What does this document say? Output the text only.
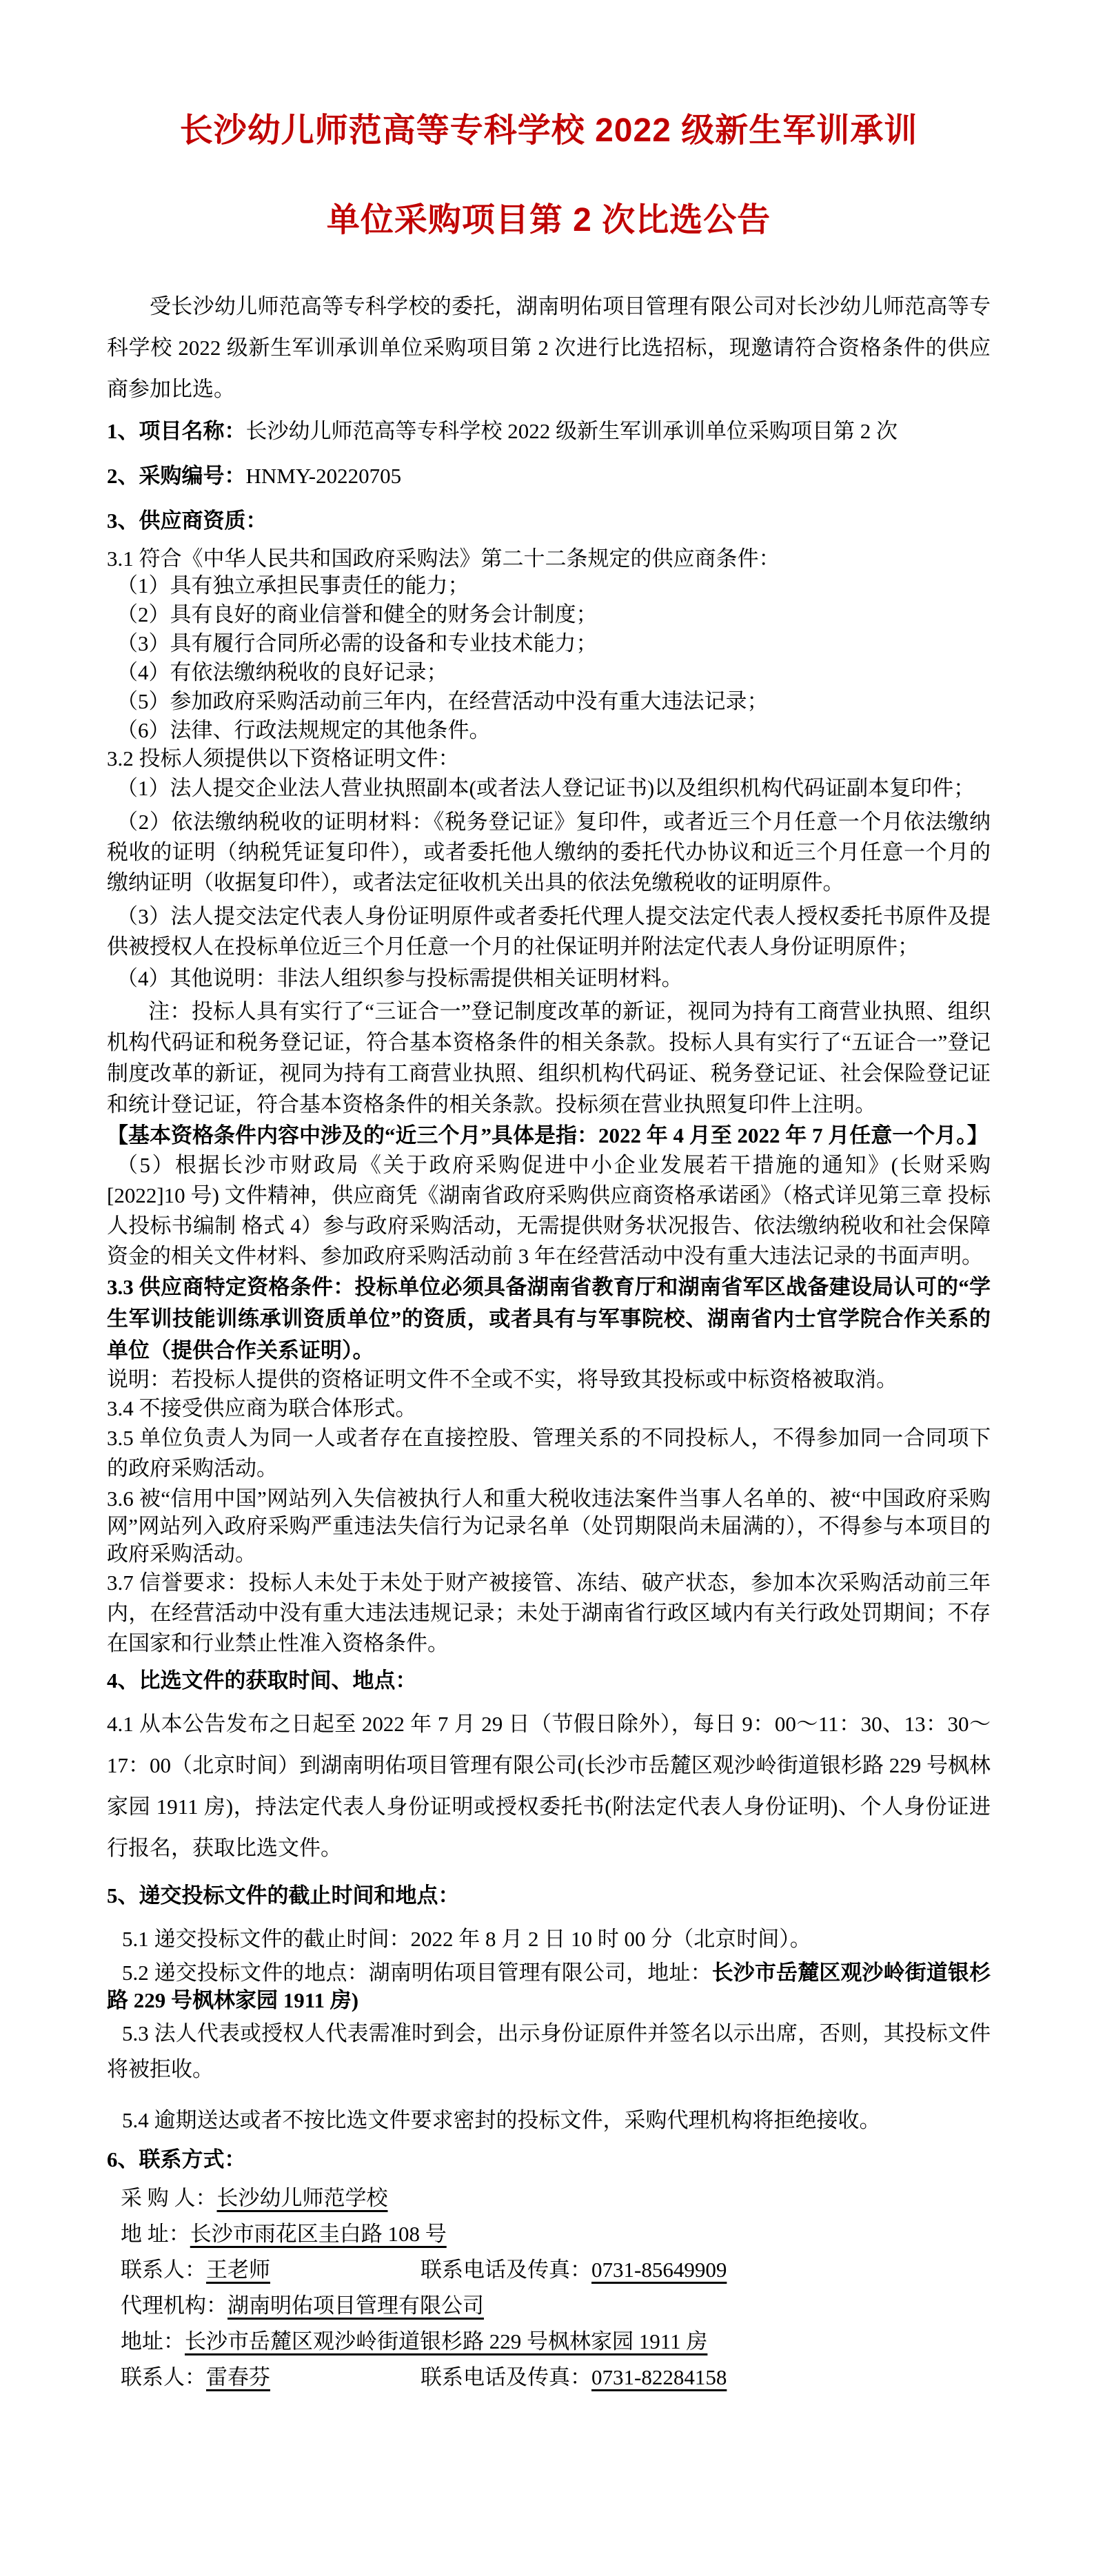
长沙幼儿师范高等专科学校 2022 级新生军训承训
单位采购项目第 2 次比选公告

受长沙幼儿师范高等专科学校的委托，湖南明佑项目管理有限公司对长沙幼儿师范高等专科学校 2022 级新生军训承训单位采购项目第 2 次进行比选招标，现邀请符合资格条件的供应商参加比选。

1、项目名称：长沙幼儿师范高等专科学校 2022 级新生军训承训单位采购项目第 2 次

2、采购编号：HNMY-20220705

3、供应商资质：

3.1 符合《中华人民共和国政府采购法》第二十二条规定的供应商条件：

（1）具有独立承担民事责任的能力；

（2）具有良好的商业信誉和健全的财务会计制度；

（3）具有履行合同所必需的设备和专业技术能力；

（4）有依法缴纳税收的良好记录；

（5）参加政府采购活动前三年内，在经营活动中没有重大违法记录；

（6）法律、行政法规规定的其他条件。

3.2 投标人须提供以下资格证明文件：

（1）法人提交企业法人营业执照副本(或者法人登记证书)以及组织机构代码证副本复印件；

（2）依法缴纳税收的证明材料：《税务登记证》复印件，或者近三个月任意一个月依法缴纳税收的证明（纳税凭证复印件），或者委托他人缴纳的委托代办协议和近三个月任意一个月的缴纳证明（收据复印件），或者法定征收机关出具的依法免缴税收的证明原件。

（3）法人提交法定代表人身份证明原件或者委托代理人提交法定代表人授权委托书原件及提供被授权人在投标单位近三个月任意一个月的社保证明并附法定代表人身份证明原件；

（4）其他说明：非法人组织参与投标需提供相关证明材料。

注：投标人具有实行了“三证合一”登记制度改革的新证，视同为持有工商营业执照、组织机构代码证和税务登记证，符合基本资格条件的相关条款。投标人具有实行了“五证合一”登记制度改革的新证，视同为持有工商营业执照、组织机构代码证、税务登记证、社会保险登记证和统计登记证，符合基本资格条件的相关条款。投标须在营业执照复印件上注明。

【基本资格条件内容中涉及的“近三个月”具体是指：2022 年 4 月至 2022 年 7 月任意一个月。】

（5）根据长沙市财政局《关于政府采购促进中小企业发展若干措施的通知》(长财采购[2022]10 号) 文件精神，供应商凭《湖南省政府采购供应商资格承诺函》（格式详见第三章 投标人投标书编制 格式 4）参与政府采购活动，无需提供财务状况报告、依法缴纳税收和社会保障资金的相关文件材料、参加政府采购活动前 3 年在经营活动中没有重大违法记录的书面声明。

3.3 供应商特定资格条件：投标单位必须具备湖南省教育厅和湖南省军区战备建设局认可的“学生军训技能训练承训资质单位”的资质，或者具有与军事院校、湖南省内士官学院合作关系的单位（提供合作关系证明）。

说明：若投标人提供的资格证明文件不全或不实，将导致其投标或中标资格被取消。

3.4 不接受供应商为联合体形式。

3.5 单位负责人为同一人或者存在直接控股、管理关系的不同投标人，不得参加同一合同项下的政府采购活动。

3.6 被“信用中国”网站列入失信被执行人和重大税收违法案件当事人名单的、被“中国政府采购网”网站列入政府采购严重违法失信行为记录名单（处罚期限尚未届满的），不得参与本项目的政府采购活动。

3.7 信誉要求：投标人未处于未处于财产被接管、冻结、破产状态，参加本次采购活动前三年内，在经营活动中没有重大违法违规记录；未处于湖南省行政区域内有关行政处罚期间；不存在国家和行业禁止性准入资格条件。

4、比选文件的获取时间、地点：

4.1 从本公告发布之日起至 2022 年 7 月 29 日（节假日除外），每日 9：00～11：30、13：30～17：00（北京时间）到湖南明佑项目管理有限公司(长沙市岳麓区观沙岭街道银杉路 229 号枫林家园 1911 房)，持法定代表人身份证明或授权委托书(附法定代表人身份证明)、个人身份证进行报名，获取比选文件。

5、递交投标文件的截止时间和地点：

5.1 递交投标文件的截止时间：2022 年 8 月 2 日 10 时 00 分（北京时间）。

5.2 递交投标文件的地点：湖南明佑项目管理有限公司，地址：长沙市岳麓区观沙岭街道银杉路 229 号枫林家园 1911 房)

5.3 法人代表或授权人代表需准时到会，出示身份证原件并签名以示出席，否则，其投标文件将被拒收。

5.4 逾期送达或者不按比选文件要求密封的投标文件，采购代理机构将拒绝接收。

6、联系方式：

采 购 人： 长沙幼儿师范学校
地 址： 长沙市雨花区圭白路 108 号
联系人： 王老师	联系电话及传真： 0731-85649909
代理机构： 湖南明佑项目管理有限公司
地址： 长沙市岳麓区观沙岭街道银杉路 229 号枫林家园 1911 房
联系人： 雷春芬	联系电话及传真： 0731-82284158
